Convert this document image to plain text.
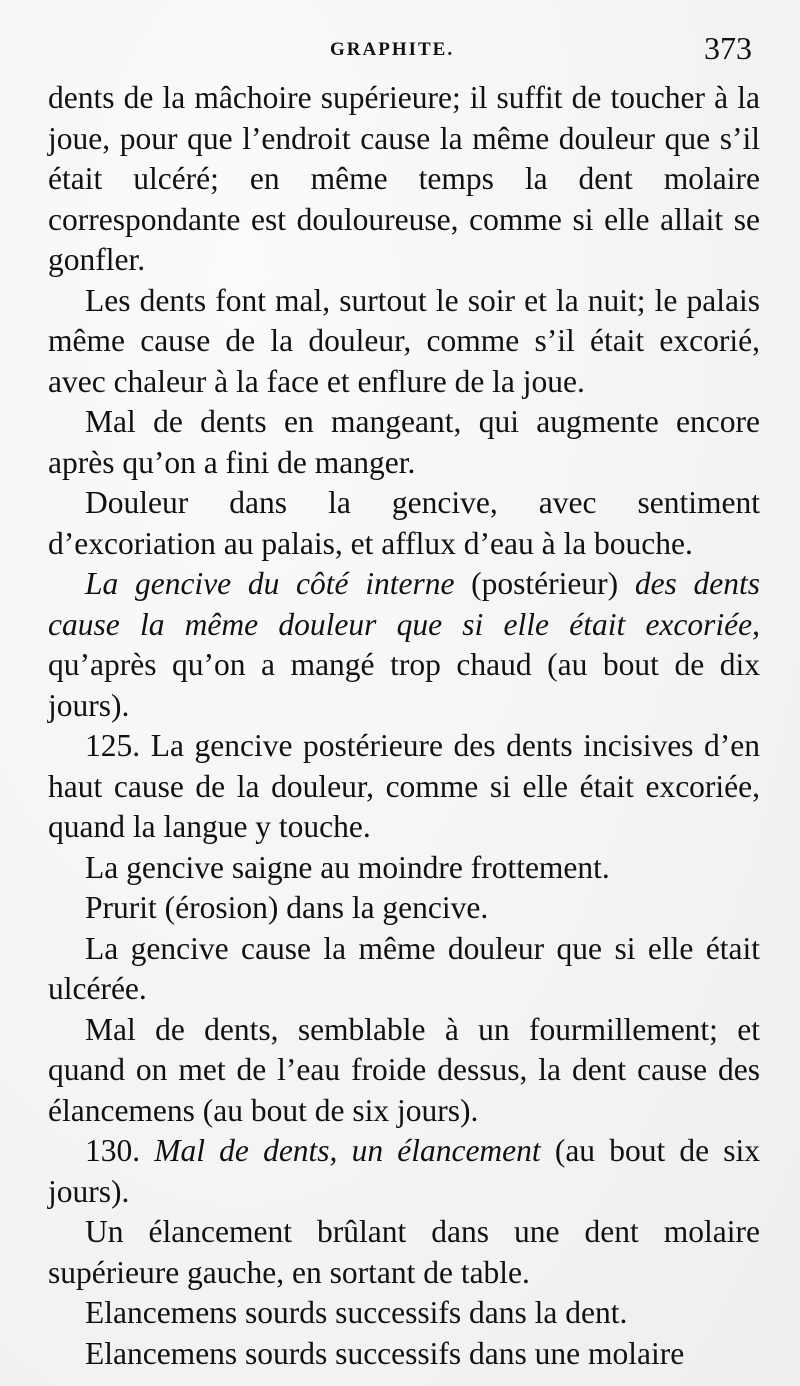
GRAPHITE.	373

dents de la mâchoire supérieure; il suffit de toucher à la joue, pour que l’endroit cause la même douleur que s’il était ulcéré; en même temps la dent molaire correspondante est douloureuse, comme si elle allait se gonfler.

Les dents font mal, surtout le soir et la nuit; le palais même cause de la douleur, comme s’il était excorié, avec chaleur à la face et enflure de la joue.

Mal de dents en mangeant, qui augmente encore après qu’on a fini de manger.

Douleur dans la gencive, avec sentiment d’excoriation au palais, et afflux d’eau à la bouche.

La gencive du côté interne (postérieur) des dents cause la même douleur que si elle était excoriée, qu’après qu’on a mangé trop chaud (au bout de dix jours).

125. La gencive postérieure des dents incisives d’en haut cause de la douleur, comme si elle était excoriée, quand la langue y touche.

La gencive saigne au moindre frottement.

Prurit (érosion) dans la gencive.

La gencive cause la même douleur que si elle était ulcérée.

Mal de dents, semblable à un fourmillement; et quand on met de l’eau froide dessus, la dent cause des élancemens (au bout de six jours).

130. Mal de dents, un élancement (au bout de six jours).

Un élancement brûlant dans une dent molaire supérieure gauche, en sortant de table.

Elancemens sourds successifs dans la dent.

Elancemens sourds successifs dans une molaire
